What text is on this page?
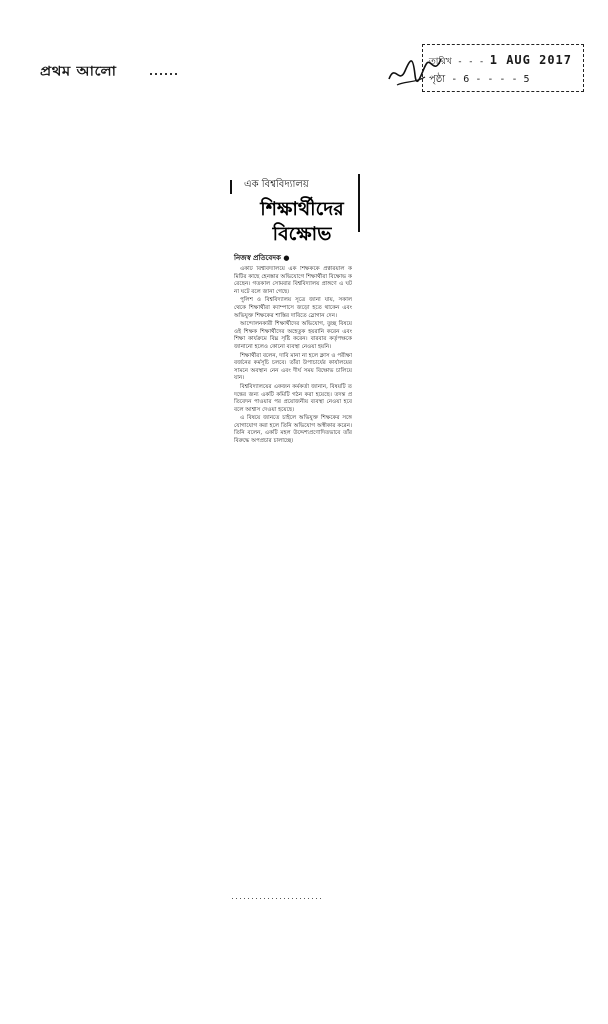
প্রথম আলো
তারিখ - - - 1 AUG 2017
পৃষ্ঠা - 6 - - - - 5
এক বিশ্ববিদ্যালয়
শিক্ষার্থীদের
বিক্ষোভ
নিজস্ব প্রতিবেদক ●

একটি বিশ্ববিদ্যালয়ে এক শিক্ষককে প্রক্টরিয়াল কমিটির কাছে হেনস্তার অভিযোগে শিক্ষার্থীরা বিক্ষোভ করেছেন। গতকাল সোমবার বিশ্ববিদ্যালয় প্রাঙ্গণে এ ঘটনা ঘটে বলে জানা গেছে।

পুলিশ ও বিশ্ববিদ্যালয় সূত্রে জানা যায়, সকাল থেকে শিক্ষার্থীরা ক্যাম্পাসে জড়ো হতে থাকেন এবং অভিযুক্ত শিক্ষকের শাস্তির দাবিতে স্লোগান দেন।

আন্দোলনকারী শিক্ষার্থীদের অভিযোগ, তুচ্ছ বিষয়ে ওই শিক্ষক শিক্ষার্থীদের অহেতুক হয়রানি করেন এবং শিক্ষা কার্যক্রমে বিঘ্ন সৃষ্টি করেন। বারবার কর্তৃপক্ষকে জানানো হলেও কোনো ব্যবস্থা নেওয়া হয়নি।

শিক্ষার্থীরা বলেন, দাবি মানা না হলে ক্লাস ও পরীক্ষা বর্জনের কর্মসূচি চলবে। তাঁরা উপাচার্যের কার্যালয়ের সামনে অবস্থান নেন এবং দীর্ঘ সময় বিক্ষোভ চালিয়ে যান।

বিশ্ববিদ্যালয়ের একজন কর্মকর্তা জানান, বিষয়টি তদন্তের জন্য একটি কমিটি গঠন করা হয়েছে। তদন্ত প্রতিবেদন পাওয়ার পর প্রয়োজনীয় ব্যবস্থা নেওয়া হবে বলে আশ্বাস দেওয়া হয়েছে।

এ বিষয়ে জানতে চাইলে অভিযুক্ত শিক্ষকের সঙ্গে যোগাযোগ করা হলে তিনি অভিযোগ অস্বীকার করেন। তিনি বলেন, একটি মহল উদ্দেশ্যপ্রণোদিতভাবে তাঁর বিরুদ্ধে অপপ্রচার চালাচ্ছে।
